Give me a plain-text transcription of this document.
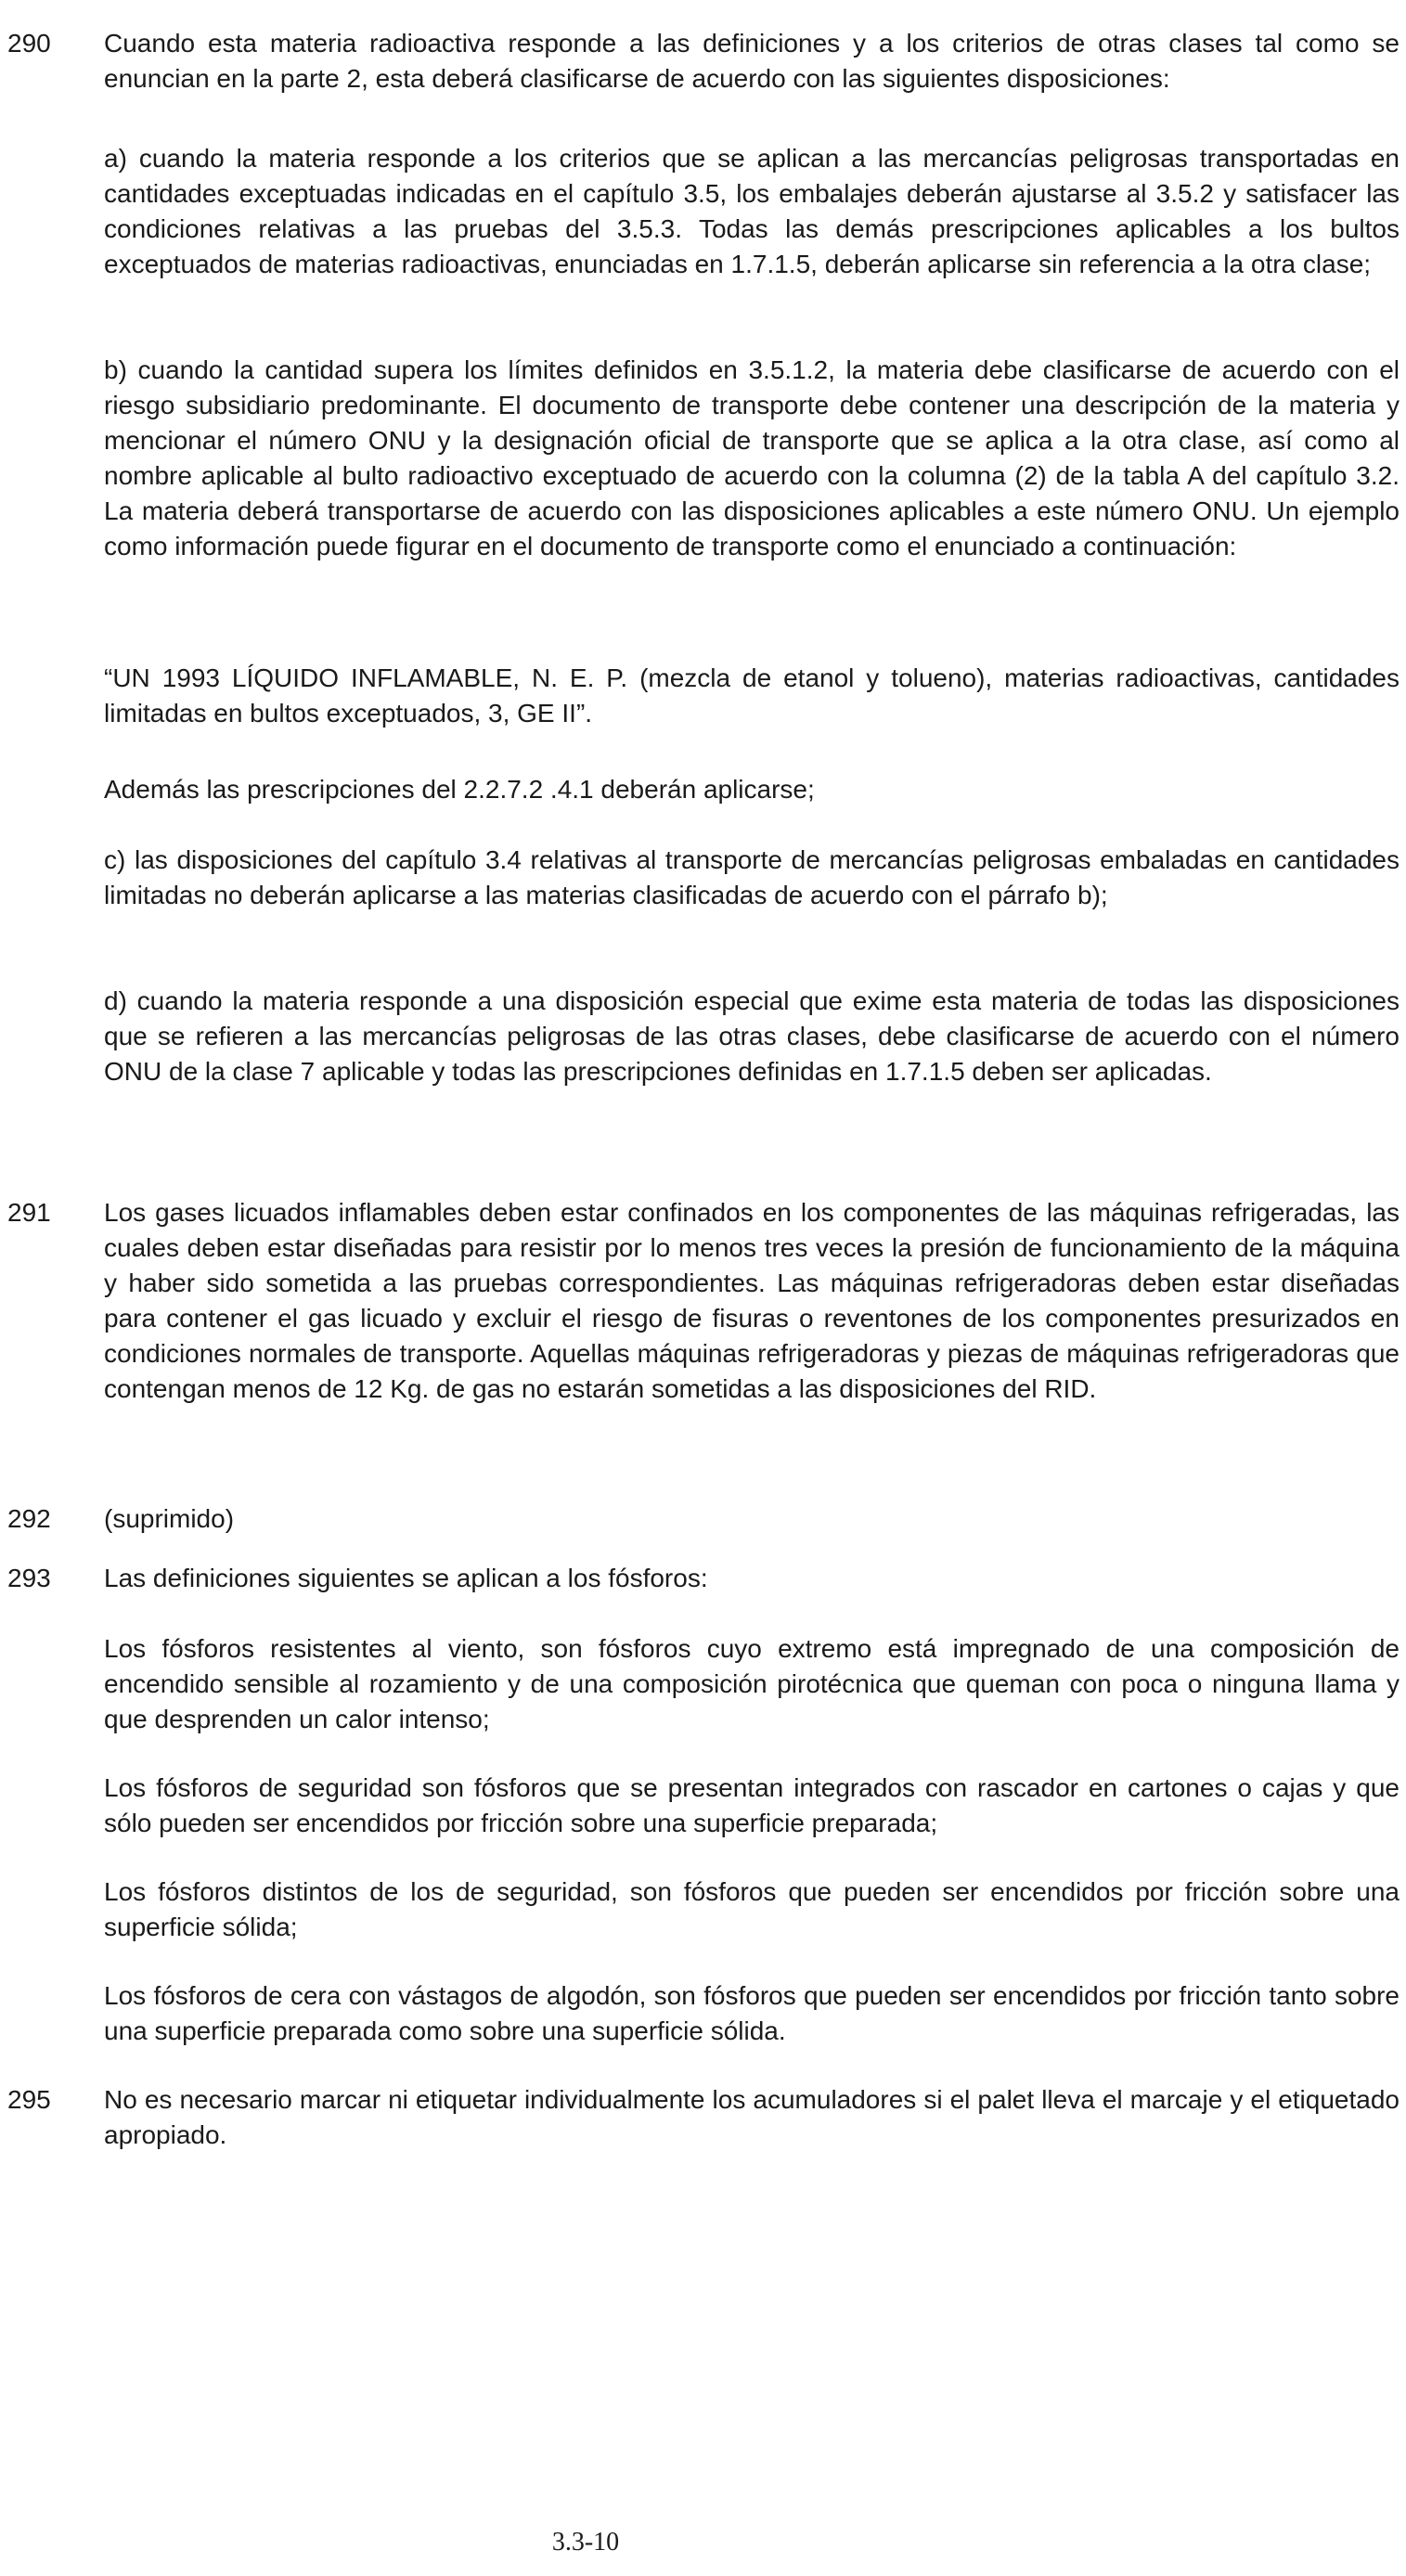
290	Cuando esta materia radioactiva responde a las definiciones y a los criterios de otras clases tal como se enuncian en la parte 2, esta deberá clasificarse de acuerdo con las siguientes disposiciones:

a) cuando la materia responde a los criterios que se aplican a las mercancías peligrosas transportadas en cantidades exceptuadas indicadas en el capítulo 3.5, los embalajes deberán ajustarse al 3.5.2 y satisfacer las condiciones relativas a las pruebas del 3.5.3. Todas las demás prescripciones aplicables a los bultos exceptuados de materias radioactivas, enunciadas en 1.7.1.5, deberán aplicarse sin referencia a la otra clase;

b) cuando la cantidad supera los límites definidos en 3.5.1.2, la materia debe clasificarse de acuerdo con el riesgo subsidiario predominante. El documento de transporte debe contener una descripción de la materia y mencionar el número ONU y la designación oficial de transporte que se aplica a la otra clase, así como al nombre aplicable al bulto radioactivo exceptuado de acuerdo con la columna (2) de la tabla A del capítulo 3.2. La materia deberá transportarse de acuerdo con las disposiciones aplicables a este número ONU. Un ejemplo como información puede figurar en el documento de transporte como el enunciado a continuación:

“UN 1993 LÍQUIDO INFLAMABLE, N. E. P. (mezcla de etanol y tolueno), materias radioactivas, cantidades limitadas en bultos exceptuados, 3, GE II”.

Además las prescripciones del 2.2.7.2 .4.1 deberán aplicarse;

c) las disposiciones del capítulo 3.4 relativas al transporte de mercancías peligrosas embaladas en cantidades limitadas no deberán aplicarse a las materias clasificadas de acuerdo con el párrafo b);

d) cuando la materia responde a una disposición especial que exime esta materia de todas las disposiciones que se refieren a las mercancías peligrosas de las otras clases, debe clasificarse de acuerdo con el número ONU de la clase 7 aplicable y todas las prescripciones definidas en 1.7.1.5 deben ser aplicadas.

291	Los gases licuados inflamables deben estar confinados en los componentes de las máquinas refrigeradas, las cuales deben estar diseñadas para resistir por lo menos tres veces la presión de funcionamiento de la máquina y haber sido sometida a las pruebas correspondientes. Las máquinas refrigeradoras deben estar diseñadas para contener el gas licuado y excluir el riesgo de fisuras o reventones de los componentes presurizados en condiciones normales de transporte. Aquellas máquinas refrigeradoras y piezas de máquinas refrigeradoras que contengan menos de 12 Kg. de gas no estarán sometidas a las disposiciones del RID.

292	(suprimido)

293	Las definiciones siguientes se aplican a los fósforos:

Los fósforos resistentes al viento, son fósforos cuyo extremo está impregnado de una composición de encendido sensible al rozamiento y de una composición pirotécnica que queman con poca o ninguna llama y que desprenden un calor intenso;

Los fósforos de seguridad son fósforos que se presentan integrados con rascador en cartones o cajas y que sólo pueden ser encendidos por fricción sobre una superficie preparada;

Los fósforos distintos de los de seguridad, son fósforos que pueden ser encendidos por fricción sobre una superficie sólida;

Los fósforos de cera con vástagos de algodón, son fósforos que pueden ser encendidos por fricción tanto sobre una superficie preparada como sobre una superficie sólida.

295	No es necesario marcar ni etiquetar individualmente los acumuladores si el palet lleva el marcaje y el etiquetado apropiado.

3.3-10
